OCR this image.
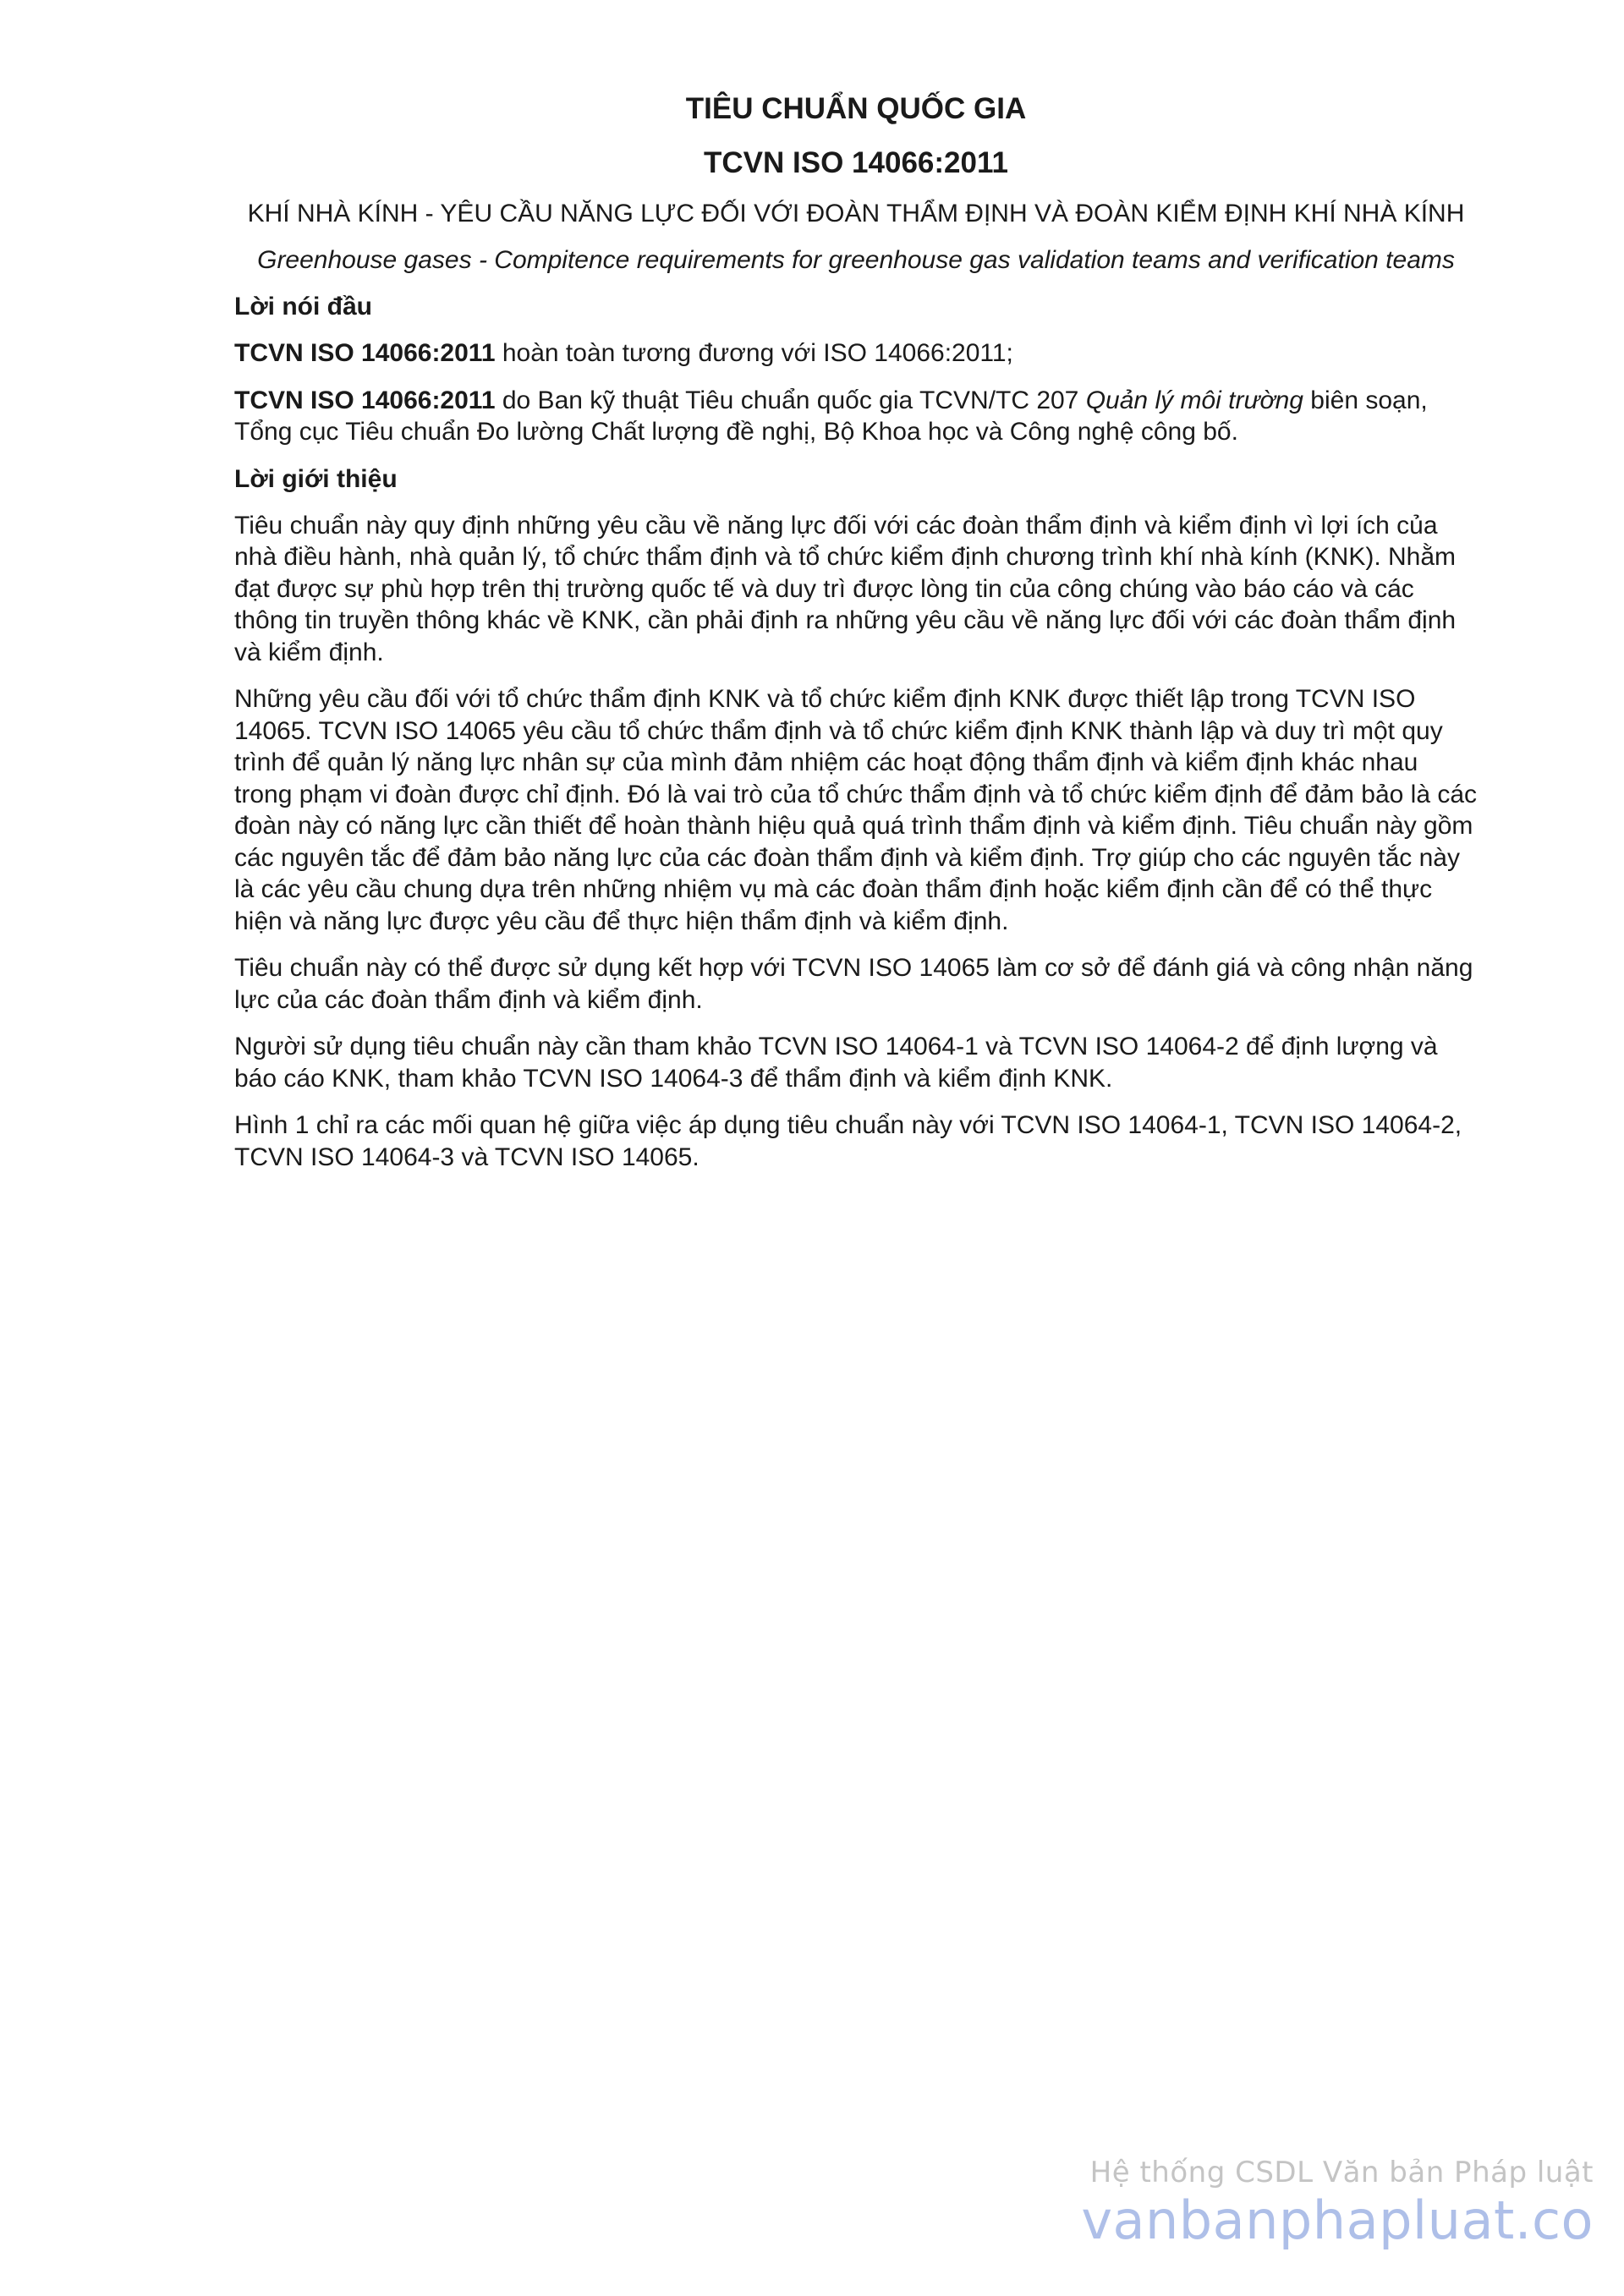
TIÊU CHUẨN QUỐC GIA
TCVN ISO 14066:2011
KHÍ NHÀ KÍNH - YÊU CẦU NĂNG LỰC ĐỐI VỚI ĐOÀN THẨM ĐỊNH VÀ ĐOÀN KIỂM ĐỊNH KHÍ NHÀ KÍNH
Greenhouse gases - Compitence requirements for greenhouse gas validation teams and verification teams
Lời nói đầu
TCVN ISO 14066:2011 hoàn toàn tương đương với ISO 14066:2011;
TCVN ISO 14066:2011 do Ban kỹ thuật Tiêu chuẩn quốc gia TCVN/TC 207 Quản lý môi trường biên soạn, Tổng cục Tiêu chuẩn Đo lường Chất lượng đề nghị, Bộ Khoa học và Công nghệ công bố.
Lời giới thiệu
Tiêu chuẩn này quy định những yêu cầu về năng lực đối với các đoàn thẩm định và kiểm định vì lợi ích của nhà điều hành, nhà quản lý, tổ chức thẩm định và tổ chức kiểm định chương trình khí nhà kính (KNK). Nhằm đạt được sự phù hợp trên thị trường quốc tế và duy trì được lòng tin của công chúng vào báo cáo và các thông tin truyền thông khác về KNK, cần phải định ra những yêu cầu về năng lực đối với các đoàn thẩm định và kiểm định.
Những yêu cầu đối với tổ chức thẩm định KNK và tổ chức kiểm định KNK được thiết lập trong TCVN ISO 14065. TCVN ISO 14065 yêu cầu tổ chức thẩm định và tổ chức kiểm định KNK thành lập và duy trì một quy trình để quản lý năng lực nhân sự của mình đảm nhiệm các hoạt động thẩm định và kiểm định khác nhau trong phạm vi đoàn được chỉ định. Đó là vai trò của tổ chức thẩm định và tổ chức kiểm định để đảm bảo là các đoàn này có năng lực cần thiết để hoàn thành hiệu quả quá trình thẩm định và kiểm định. Tiêu chuẩn này gồm các nguyên tắc để đảm bảo năng lực của các đoàn thẩm định và kiểm định. Trợ giúp cho các nguyên tắc này là các yêu cầu chung dựa trên những nhiệm vụ mà các đoàn thẩm định hoặc kiểm định cần để có thể thực hiện và năng lực được yêu cầu để thực hiện thẩm định và kiểm định.
Tiêu chuẩn này có thể được sử dụng kết hợp với TCVN ISO 14065 làm cơ sở để đánh giá và công nhận năng lực của các đoàn thẩm định và kiểm định.
Người sử dụng tiêu chuẩn này cần tham khảo TCVN ISO 14064-1 và TCVN ISO 14064-2 để định lượng và báo cáo KNK, tham khảo TCVN ISO 14064-3 để thẩm định và kiểm định KNK.
Hình 1 chỉ ra các mối quan hệ giữa việc áp dụng tiêu chuẩn này với TCVN ISO 14064-1, TCVN ISO 14064-2, TCVN ISO 14064-3 và TCVN ISO 14065.
Hệ thống CSDL Văn bản Pháp luật
vanbanphapluat.co
